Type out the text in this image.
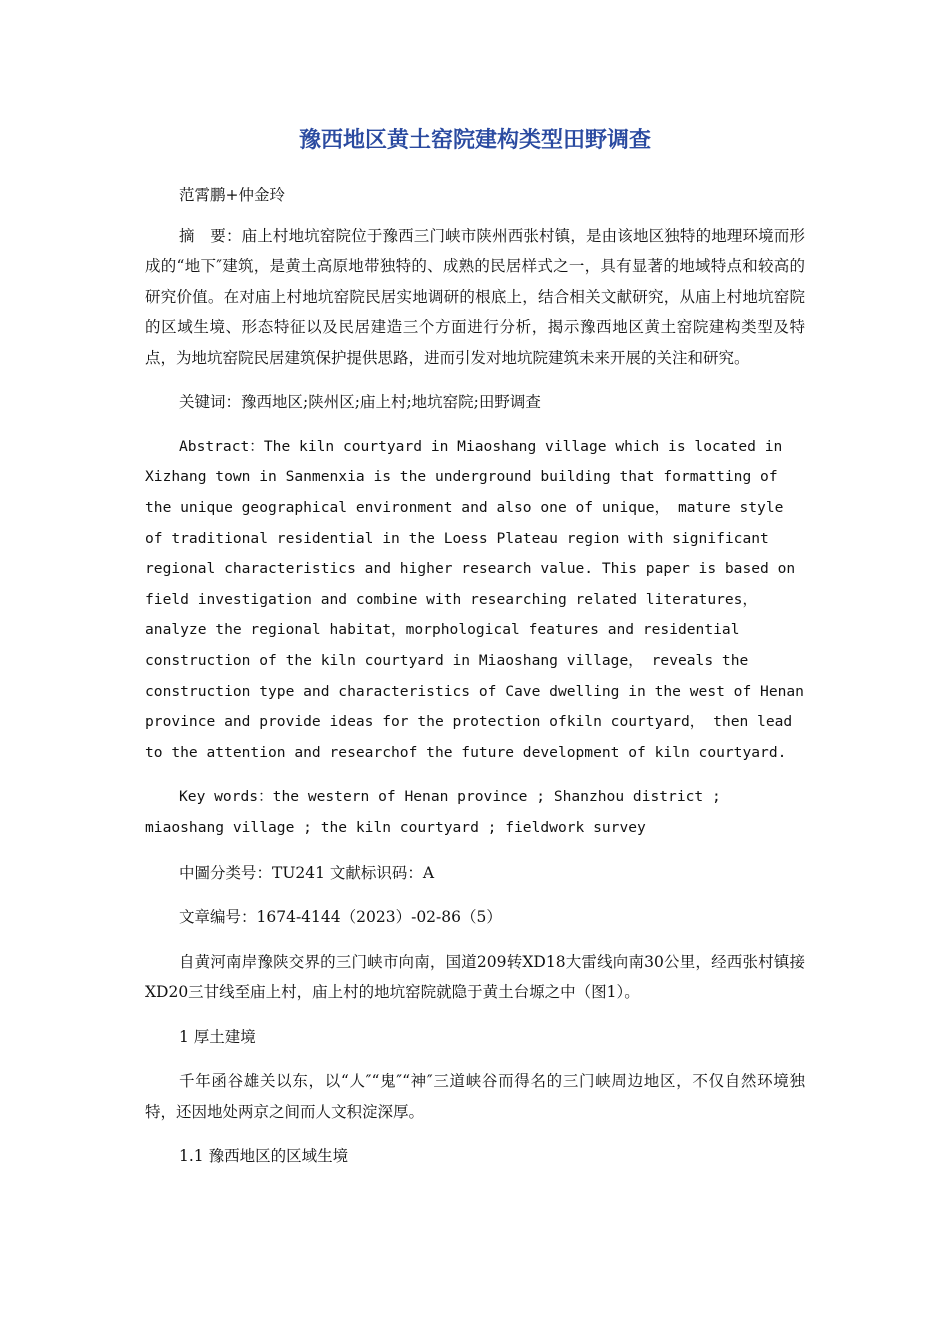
豫西地区黄土窑院建构类型田野调查

范霄鹏+仲金玲

摘　要：庙上村地坑窑院位于豫西三门峡市陕州西张村镇，是由该地区独特的地理环境而形成的“地下″建筑，是黄土高原地带独特的、成熟的民居样式之一，具有显著的地域特点和较高的研究价值。在对庙上村地坑窑院民居实地调研的根底上，结合相关文献研究，从庙上村地坑窑院的区域生境、形态特征以及民居建造三个方面进行分析，揭示豫西地区黄土窑院建构类型及特点，为地坑窑院民居建筑保护提供思路，进而引发对地坑院建筑未来开展的关注和研究。

关键词：豫西地区;陕州区;庙上村;地坑窑院;田野调查

Abstract：The kiln courtyard in Miaoshang village which is located in Xizhang town in Sanmenxia is the underground building that formatting of the unique geographical environment and also one of unique， mature style of traditional residential in the Loess Plateau region with significant regional characteristics and higher research value. This paper is based on field investigation and combine with researching related literatures， analyze the regional habitat，morphological features and residential construction of the kiln courtyard in Miaoshang village， reveals the construction type and characteristics of Cave dwelling in the west of Henan province and provide ideas for the protection ofkiln courtyard， then lead to the attention and researchof the future development of kiln courtyard.

Key words：the western of Henan province ; Shanzhou district ; miaoshang village ; the kiln courtyard ; fieldwork survey

中圖分类号：TU241 文献标识码：A

文章编号：1674-4144（2023）-02-86（5）

自黄河南岸豫陕交界的三门峡市向南，国道209转XD18大雷线向南30公里，经西张村镇接XD20三甘线至庙上村，庙上村的地坑窑院就隐于黄土台塬之中（图1）。

1 厚土建境

千年函谷雄关以东，以“人″“鬼″“神″三道峡谷而得名的三门峡周边地区，不仅自然环境独特，还因地处两京之间而人文积淀深厚。

1.1 豫西地区的区域生境
